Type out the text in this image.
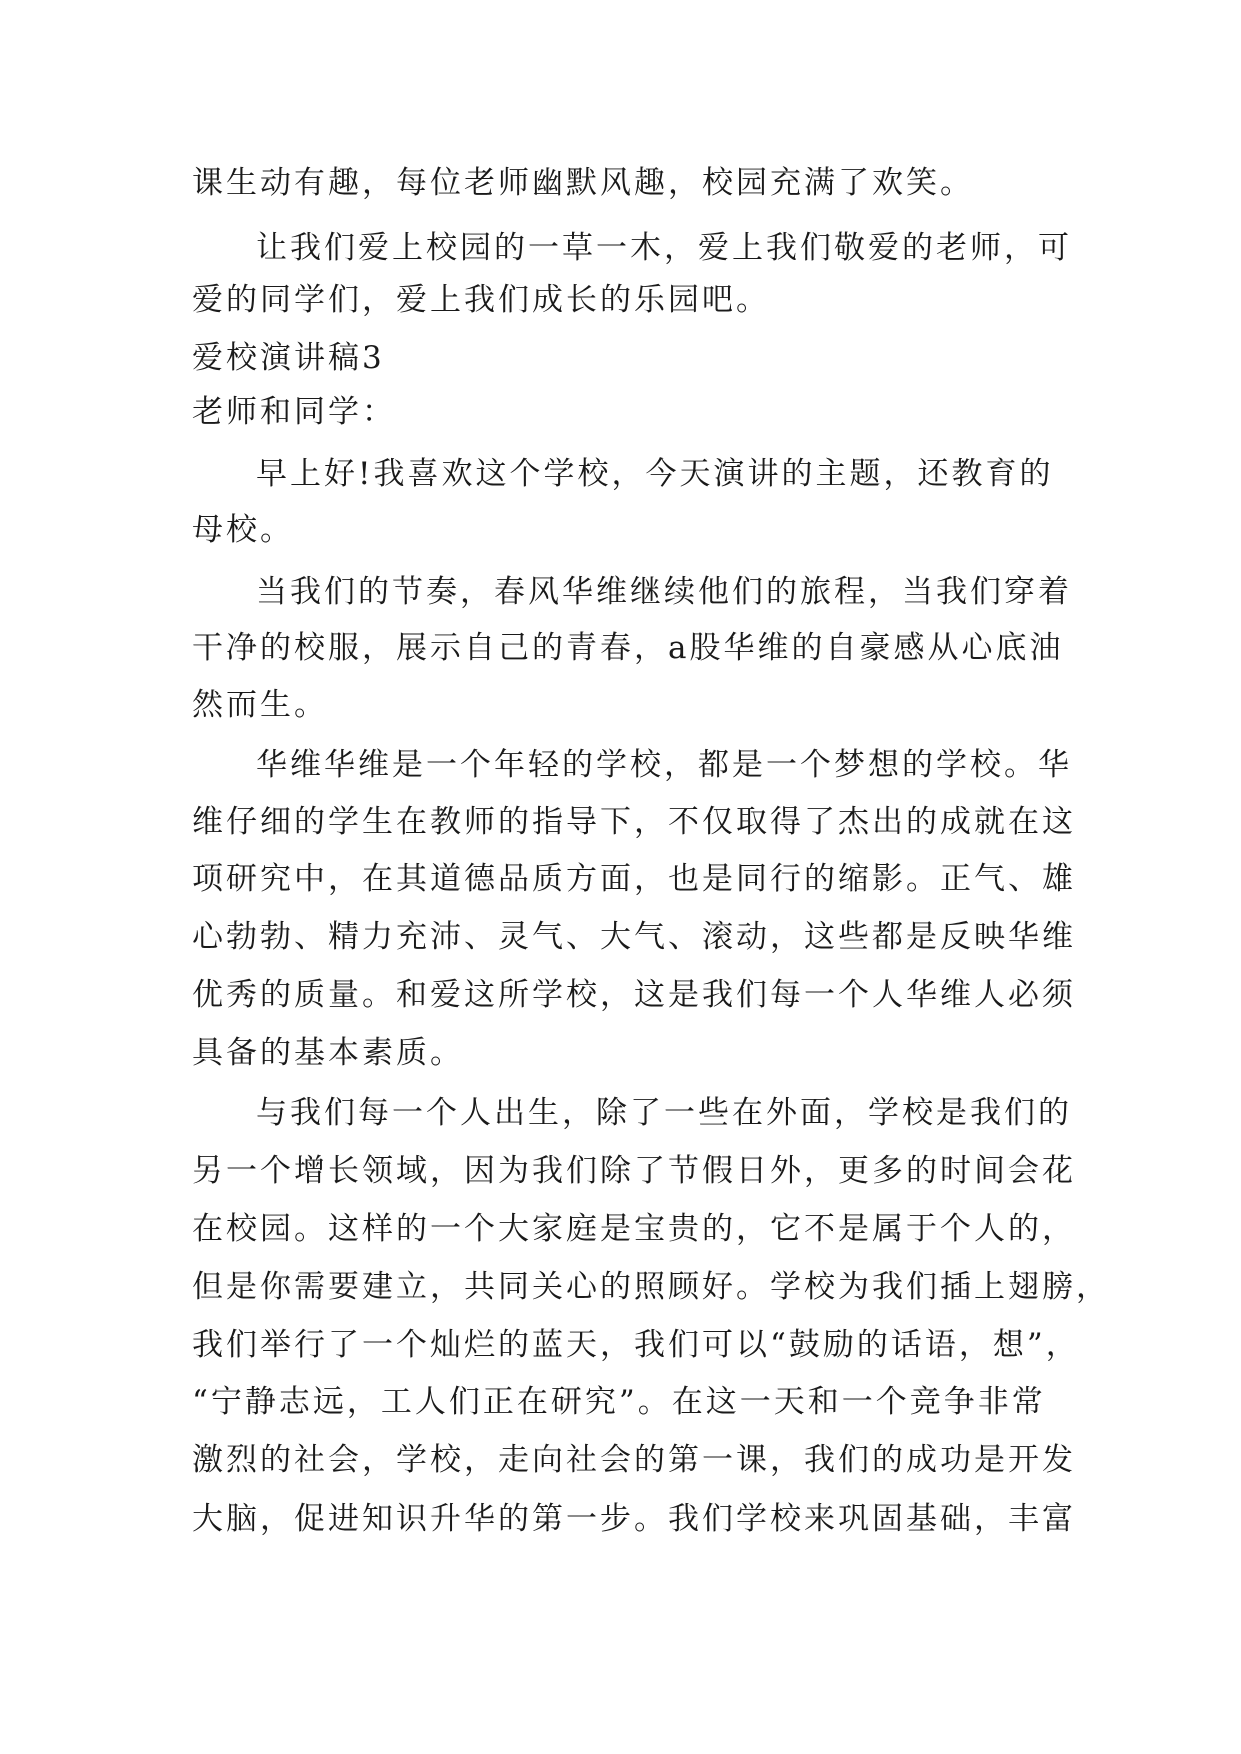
课生动有趣，每位老师幽默风趣，校园充满了欢笑。
让我们爱上校园的一草一木，爱上我们敬爱的老师，可
爱的同学们，爱上我们成长的乐园吧。
爱校演讲稿3
老师和同学：
早上好!我喜欢这个学校，今天演讲的主题，还教育的
母校。
当我们的节奏，春风华维继续他们的旅程，当我们穿着
干净的校服，展示自己的青春，a股华维的自豪感从心底油
然而生。
华维华维是一个年轻的学校，都是一个梦想的学校。华
维仔细的学生在教师的指导下，不仅取得了杰出的成就在这
项研究中，在其道德品质方面，也是同行的缩影。正气、雄
心勃勃、精力充沛、灵气、大气、滚动，这些都是反映华维
优秀的质量。和爱这所学校，这是我们每一个人华维人必须
具备的基本素质。
与我们每一个人出生，除了一些在外面，学校是我们的
另一个增长领域，因为我们除了节假日外，更多的时间会花
在校园。这样的一个大家庭是宝贵的，它不是属于个人的，
但是你需要建立，共同关心的照顾好。学校为我们插上翅膀，
我们举行了一个灿烂的蓝天，我们可以“鼓励的话语，想”，
“宁静志远，工人们正在研究”。在这一天和一个竞争非常
激烈的社会，学校，走向社会的第一课，我们的成功是开发
大脑，促进知识升华的第一步。我们学校来巩固基础，丰富
